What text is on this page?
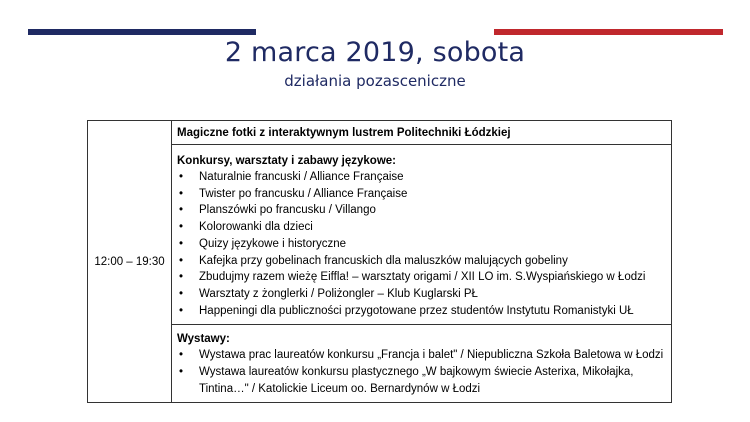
2 marca 2019, sobota
działania pozasceniczne
12:00 – 19:30	
Magiczne fotki z interaktywnym lustrem Politechniki Łódzkiej

Konkursy, warsztaty i zabawy językowe:
• Naturalnie francuski / Alliance Française
• Twister po francusku / Alliance Française
• Planszówki po francusku / Villango
• Kolorowanki dla dzieci
• Quizy językowe i historyczne
• Kafejka przy gobelinach francuskich dla maluszków malujących gobeliny
• Zbudujmy razem wieżę Eiffla! – warsztaty origami / XII LO im. S.Wyspiańskiego w Łodzi
• Warsztaty z żonglerki / Poliżongler – Klub Kuglarski PŁ
• Happeningi dla publiczności przygotowane przez studentów Instytutu Romanistyki UŁ

Wystawy:
• Wystawa prac laureatów konkursu „Francja i balet" / Niepubliczna Szkoła Baletowa w Łodzi
• Wystawa laureatów konkursu plastycznego „W bajkowym świecie Asterixa, Mikołajka, Tintina…" / Katolickie Liceum oo. Bernardynów w Łodzi
